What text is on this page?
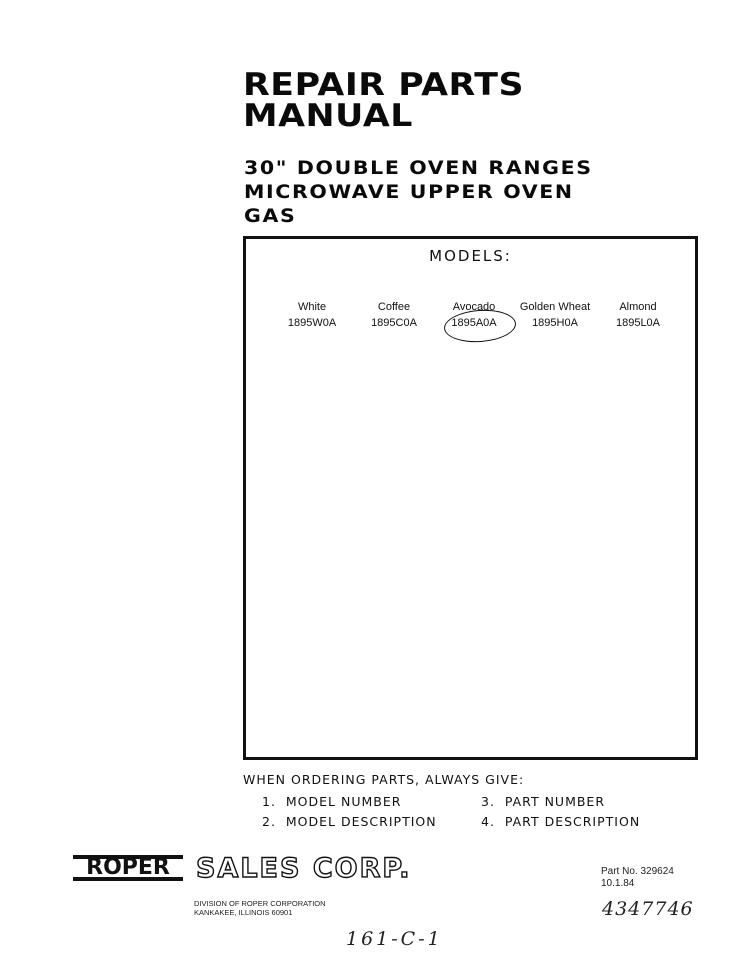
REPAIR PARTS
MANUAL
30" DOUBLE OVEN RANGES
MICROWAVE UPPER OVEN
GAS
MODELS:
White
1895W0A
Coffee
1895C0A
Avocado
1895A0A
Golden Wheat
1895H0A
Almond
1895L0A
WHEN ORDERING PARTS, ALWAYS GIVE:
1. MODEL NUMBER
2. MODEL DESCRIPTION
3. PART NUMBER
4. PART DESCRIPTION
ROPER SALES CORP.
DIVISION OF ROPER CORPORATION
KANKAKEE, ILLINOIS 60901
Part No. 329624
10.1.84
4347746
161-C-1
